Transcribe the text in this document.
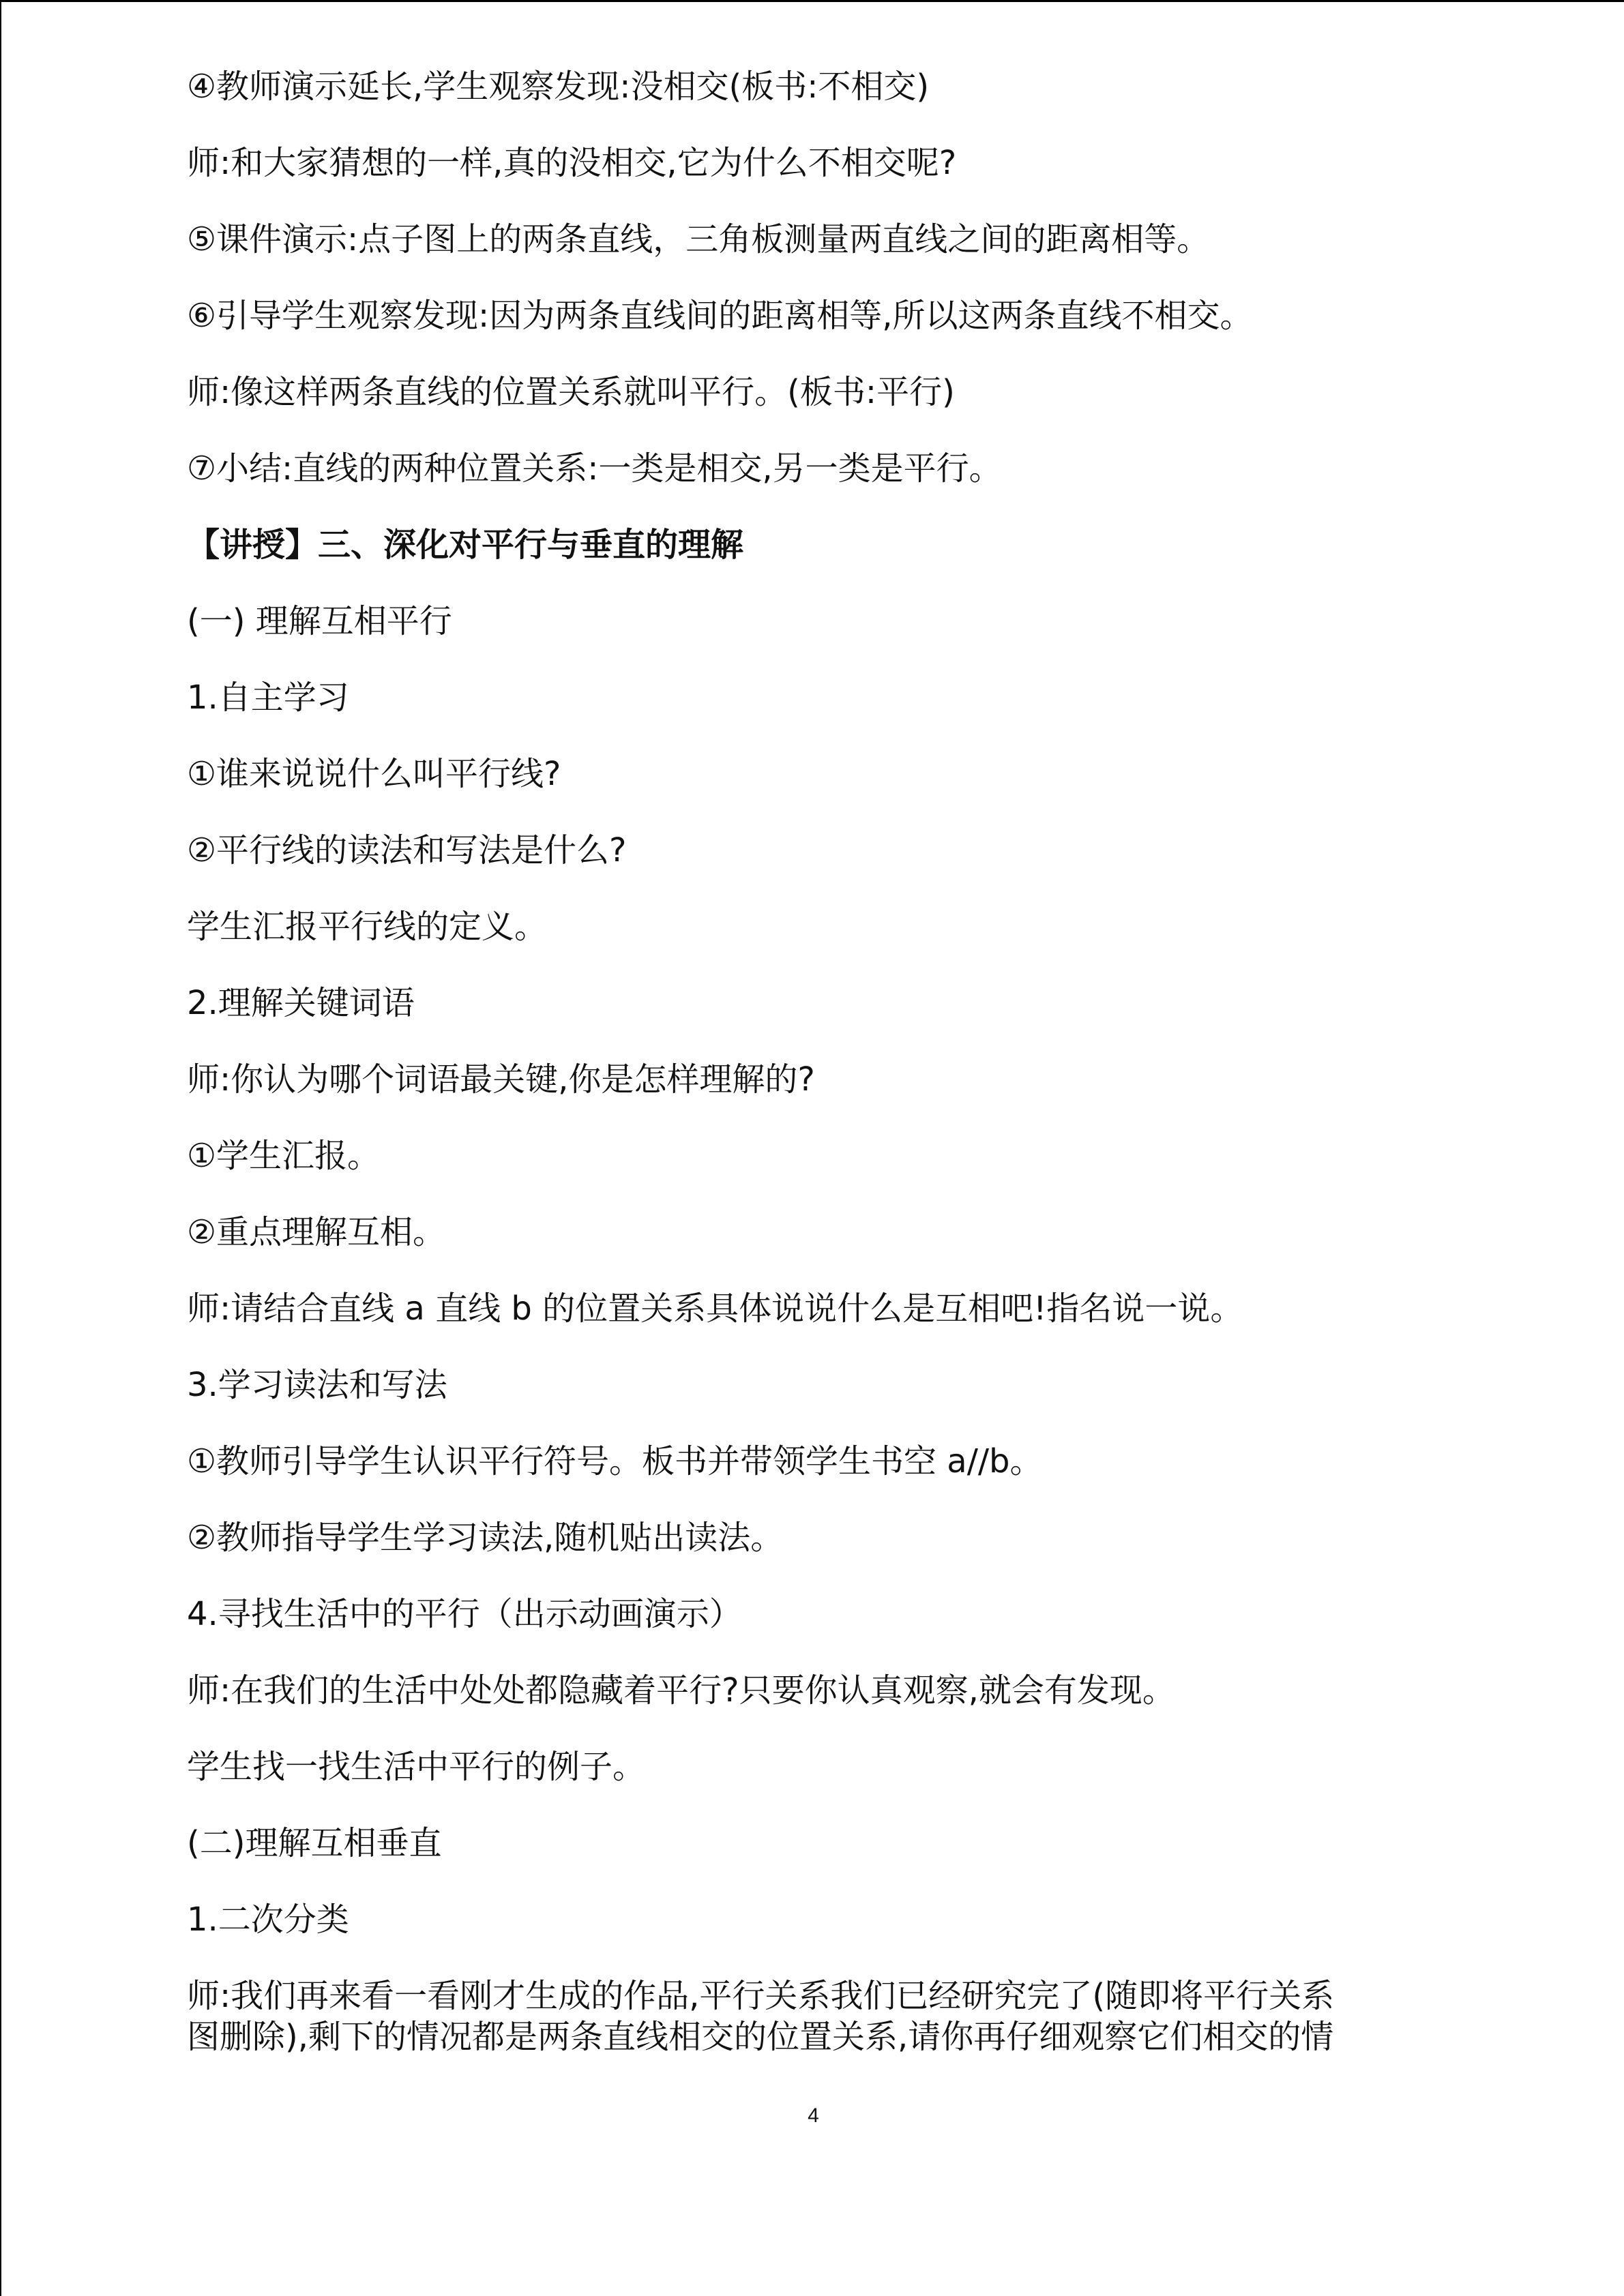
④教师演示延长,学生观察发现:没相交(板书:不相交)
师:和大家猜想的一样,真的没相交,它为什么不相交呢?
⑤课件演示:点子图上的两条直线，三角板测量两直线之间的距离相等。
⑥引导学生观察发现:因为两条直线间的距离相等,所以这两条直线不相交。
师:像这样两条直线的位置关系就叫平行。(板书:平行)
⑦小结:直线的两种位置关系:一类是相交,另一类是平行。
【讲授】三、深化对平行与垂直的理解
(一) 理解互相平行
1.自主学习
①谁来说说什么叫平行线?
②平行线的读法和写法是什么?
学生汇报平行线的定义。
2.理解关键词语
师:你认为哪个词语最关键,你是怎样理解的?
①学生汇报。
②重点理解互相。
师:请结合直线 a 直线 b 的位置关系具体说说什么是互相吧!指名说一说。
3.学习读法和写法
①教师引导学生认识平行符号。板书并带领学生书空 a//b。
②教师指导学生学习读法,随机贴出读法。
4.寻找生活中的平行（出示动画演示）
师:在我们的生活中处处都隐藏着平行?只要你认真观察,就会有发现。
学生找一找生活中平行的例子。
(二)理解互相垂直
1.二次分类
师:我们再来看一看刚才生成的作品,平行关系我们已经研究完了(随即将平行关系
图删除),剩下的情况都是两条直线相交的位置关系,请你再仔细观察它们相交的情
4
